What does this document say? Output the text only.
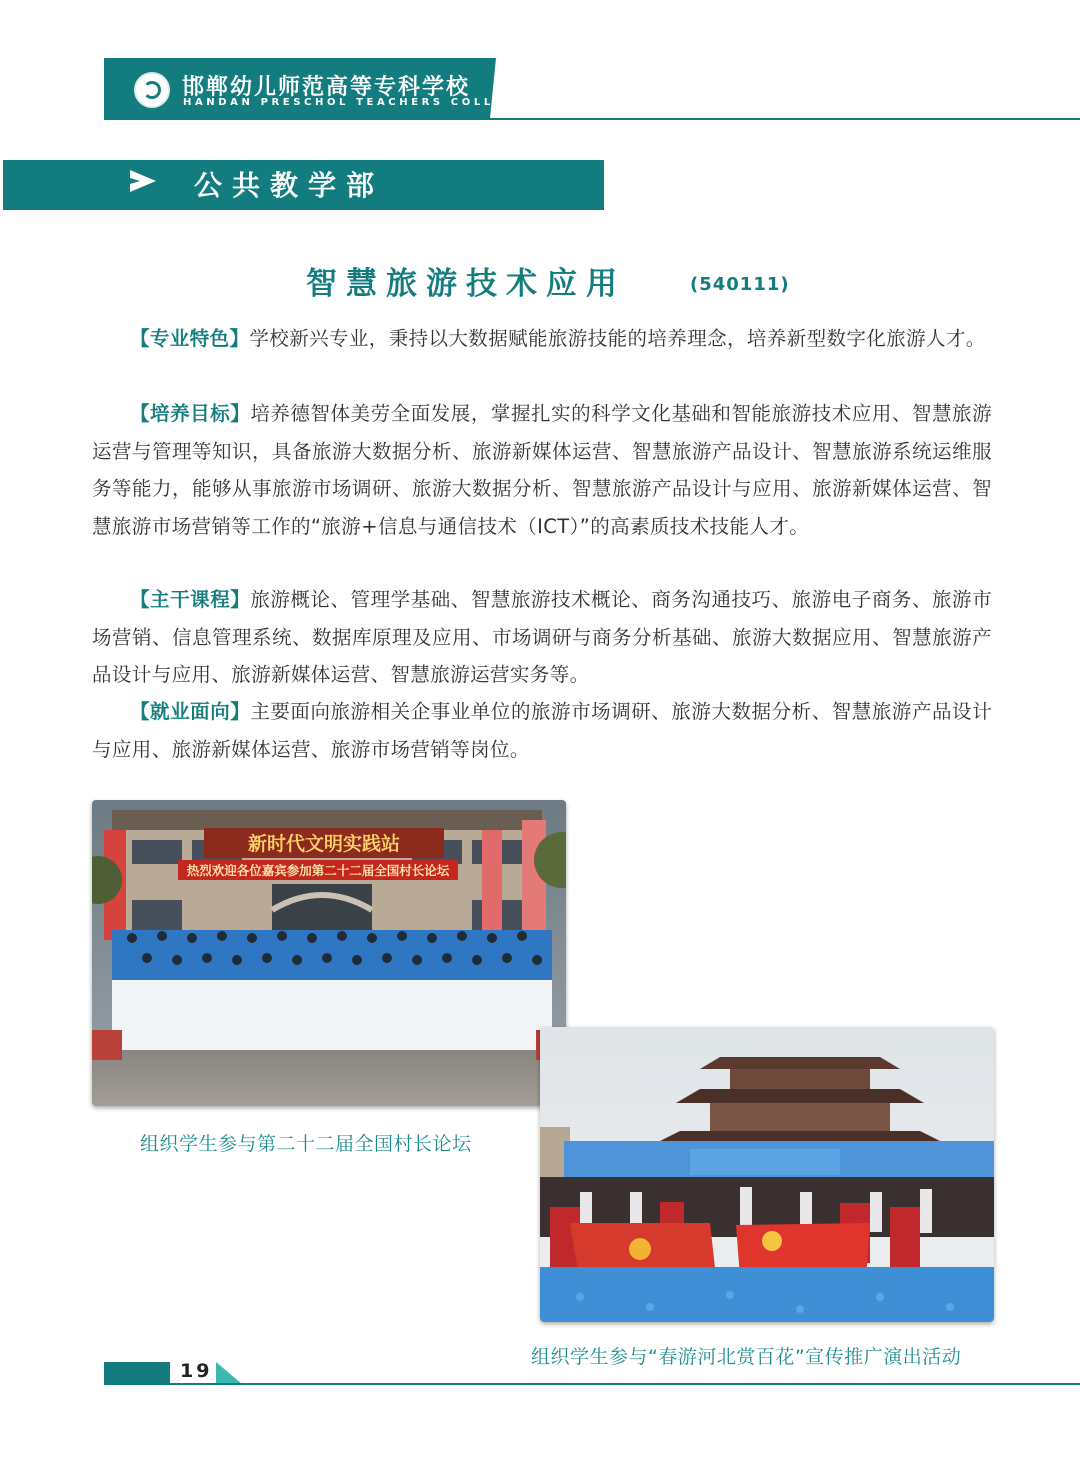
邯郸幼儿师范高等专科学校
HANDAN PRESCHOL TEACHERS COLLEGE
公共教学部
智慧旅游技术应用	(540111)

【专业特色】学校新兴专业，秉持以大数据赋能旅游技能的培养理念，培养新型数字化旅游人才。

【培养目标】培养德智体美劳全面发展，掌握扎实的科学文化基础和智能旅游技术应用、智慧旅游运营与管理等知识，具备旅游大数据分析、旅游新媒体运营、智慧旅游产品设计、智慧旅游系统运维服务等能力，能够从事旅游市场调研、旅游大数据分析、智慧旅游产品设计与应用、旅游新媒体运营、智慧旅游市场营销等工作的“旅游+信息与通信技术（ICT）”的高素质技术技能人才。

【主干课程】旅游概论、管理学基础、智慧旅游技术概论、商务沟通技巧、旅游电子商务、旅游市场营销、信息管理系统、数据库原理及应用、市场调研与商务分析基础、旅游大数据应用、智慧旅游产品设计与应用、旅游新媒体运营、智慧旅游运营实务等。

【就业面向】主要面向旅游相关企事业单位的旅游市场调研、旅游大数据分析、智慧旅游产品设计与应用、旅游新媒体运营、旅游市场营销等岗位。

新时代文明实践站
热烈欢迎各位嘉宾参加第二十二届全国村长论坛
组织学生参与第二十二届全国村长论坛
组织学生参与“春游河北赏百花”宣传推广演出活动
19
